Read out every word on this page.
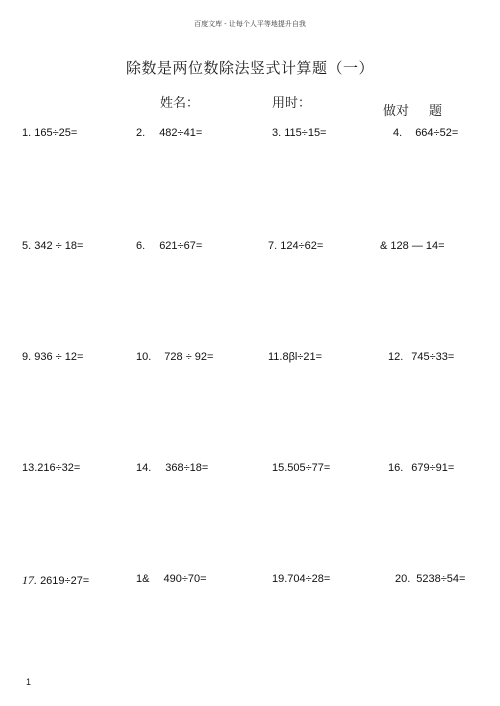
百度文库 - 让每个人平等地提升自我
除数是两位数除法竖式计算题（一）
姓名：	用时：
做对 题
1. 165÷25=	2. 482÷41=	3. 115÷15=	4. 664÷52=
5. 342 ÷ 18=	6. 621÷67=	7. 124÷62=	& 128 — 14=
9. 936 ÷ 12=	10. 728 ÷ 92=	11.8βl÷21=	12. 745÷33=
13.216÷32=	14. 368÷18=	15.505÷77=	16. 679÷91=
17. 2619÷27=	1& 490÷70=	19.704÷28=	20. 5238÷54=
1
